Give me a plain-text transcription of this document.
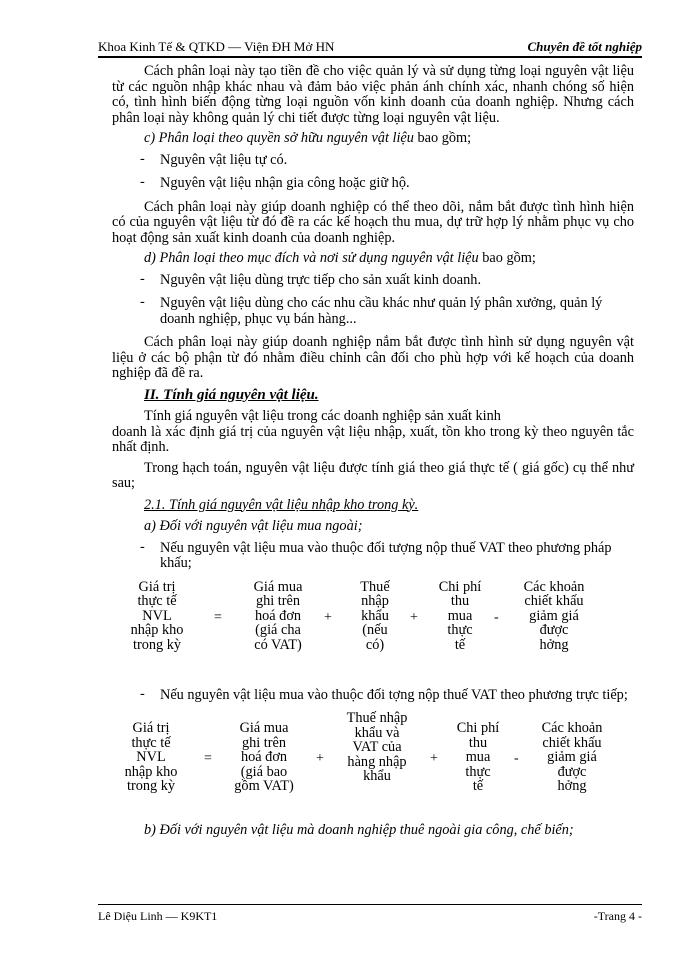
Khoa Kinh Tế & QTKD — Viện ĐH Mở HN	Chuyên đề tốt nghiệp

Cách phân loại này tạo tiền đề cho việc quản lý và sử dụng từng loại nguyên vật liệu từ các nguồn nhập khác nhau và đảm bảo việc phản ánh chính xác, nhanh chóng số hiện có, tình hình biến động từng loại nguồn vốn kinh doanh của doanh nghiệp. Nhưng cách phân loại này không quản lý chi tiết được từng loại nguyên vật liệu.

c) Phân loại theo quyền sở hữu nguyên vật liệu bao gồm;

- Nguyên vật liệu tự có.

- Nguyên vật liệu nhận gia công hoặc giữ hộ.

Cách phân loại này giúp doanh nghiệp có thể theo dõi, nắm bắt được tình hình hiện có của nguyên vật liệu từ đó đề ra các kế hoạch thu mua, dự trữ hợp lý nhằm phục vụ cho hoạt động sản xuất kinh doanh của doanh nghiệp.

d) Phân loại theo mục đích và nơi sử dụng nguyên vật liệu bao gồm;

- Nguyên vật liệu dùng trực tiếp cho sản xuất kinh doanh.

- Nguyên vật liệu dùng cho các nhu cầu khác như quản lý phân xưởng, quản lý doanh nghiệp, phục vụ bán hàng...

Cách phân loại này giúp doanh nghiệp nắm bắt được tình hình sử dụng nguyên vật liệu ở các bộ phận từ đó nhằm điều chỉnh cân đối cho phù hợp với kế hoạch của doanh nghiệp đã đề ra.

II. Tính giá nguyên vật liệu.

Tính giá nguyên vật liệu trong các doanh nghiệp sản xuất kinh

doanh là xác định giá trị của nguyên vật liệu nhập, xuất, tồn kho trong kỳ theo nguyên tắc nhất định.

Trong hạch toán, nguyên vật liệu được tính giá theo giá thực tế ( giá gốc) cụ thể như sau;

2.1. Tính giá nguyên vật liệu nhập kho trong kỳ.

a) Đối với nguyên vật liệu mua ngoài;

- Nếu nguyên vật liệu mua vào thuộc đối tượng nộp thuế VAT theo phương pháp khấu;

Giá trị
thực tế
NVL
nhập kho
trong kỳ
=
Giá mua
ghi trên
hoá đơn
(giá cha
có VAT)
+
Thuế
nhập
khẩu
(nếu
có)
+
Chi phí
thu
mua
thực
tế
-
Các khoản
chiết khấu
giảm giá
được
hởng

- Nếu nguyên vật liệu mua vào thuộc đối tợng nộp thuế VAT theo phương trực tiếp;

Giá trị
thực tế
NVL
nhập kho
trong kỳ
=
Giá mua
ghi trên
hoá đơn
(giá bao
gồm VAT)
+
Thuế nhập
khẩu và
VAT của
hàng nhập
khẩu
+
Chi phí
thu
mua
thực
tế
-
Các khoản
chiết khấu
giảm giá
được
hởng

b) Đối với nguyên vật liệu mà doanh nghiệp thuê ngoài gia công, chế biến;

Lê Diệu Linh — K9KT1	-Trang 4 -
